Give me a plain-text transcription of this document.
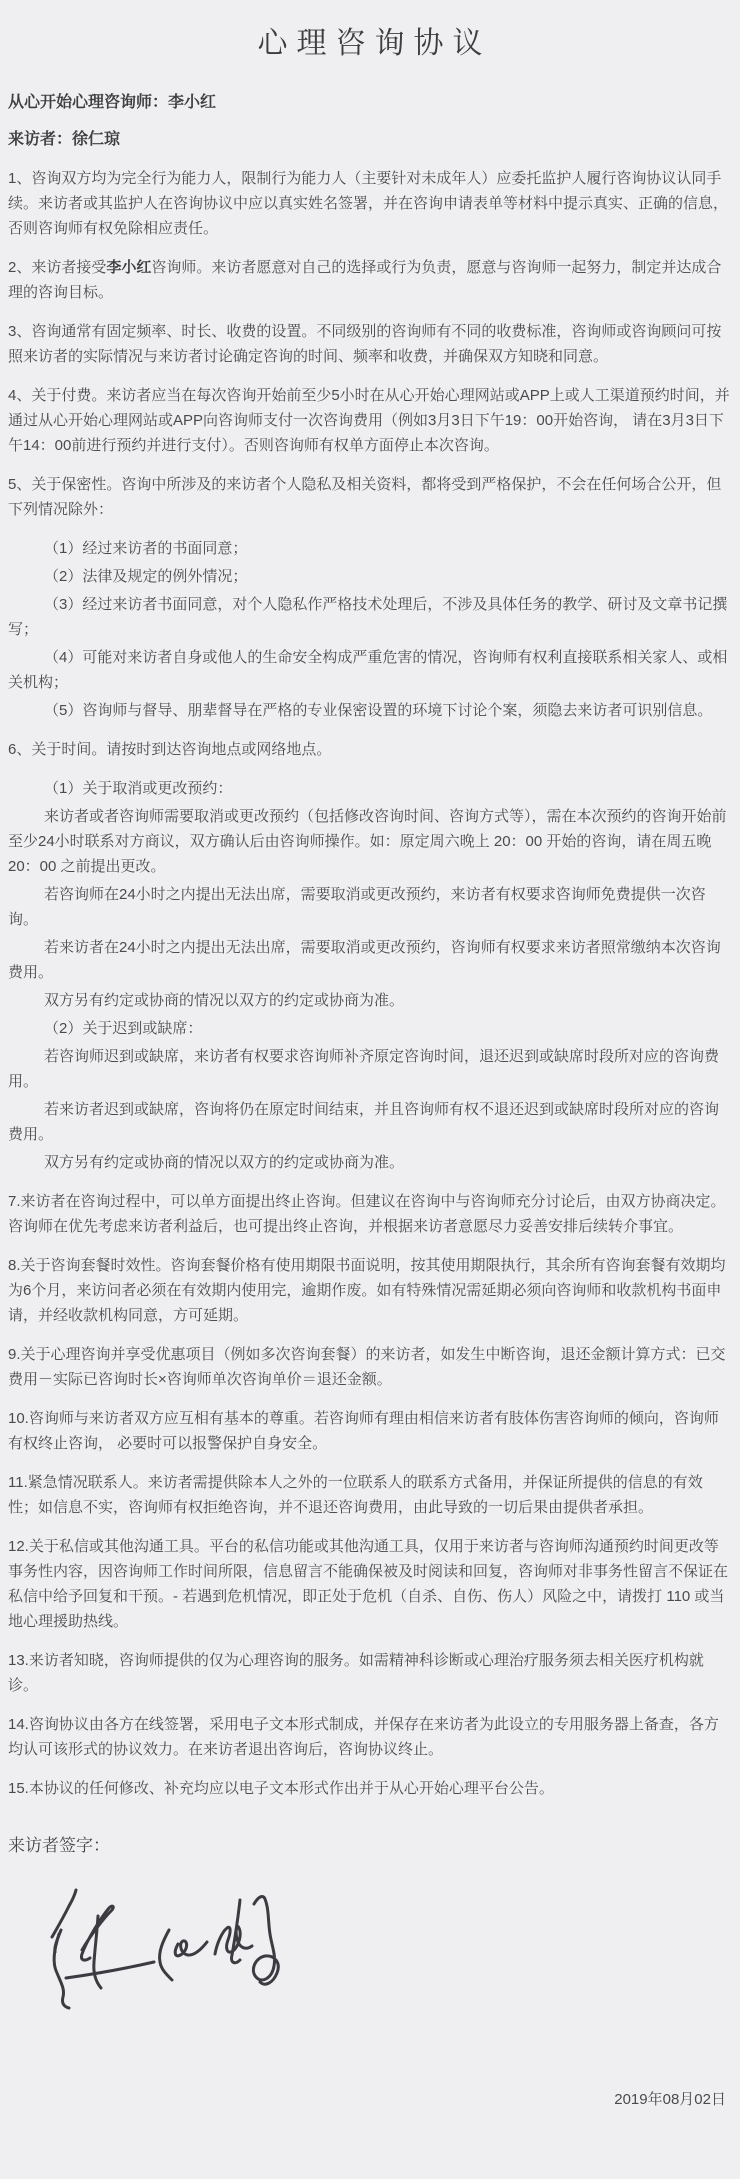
心理咨询协议

从心开始心理咨询师：李小红

来访者：徐仁琼

1、咨询双方均为完全行为能力人，限制行为能力人（主要针对未成年人）应委托监护人履行咨询协议认同手续。来访者或其监护人在咨询协议中应以真实姓名签署，并在咨询申请表单等材料中提示真实、正确的信息，否则咨询师有权免除相应责任。

2、来访者接受李小红咨询师。来访者愿意对自己的选择或行为负责，愿意与咨询师一起努力，制定并达成合理的咨询目标。

3、咨询通常有固定频率、时长、收费的设置。不同级别的咨询师有不同的收费标准，咨询师或咨询顾问可按照来访者的实际情况与来访者讨论确定咨询的时间、频率和收费，并确保双方知晓和同意。

4、关于付费。来访者应当在每次咨询开始前至少5小时在从心开始心理网站或APP上或人工渠道预约时间，并通过从心开始心理网站或APP向咨询师支付一次咨询费用（例如3月3日下午19：00开始咨询， 请在3月3日下午14：00前进行预约并进行支付）。否则咨询师有权单方面停止本次咨询。

5、关于保密性。咨询中所涉及的来访者个人隐私及相关资料，都将受到严格保护，不会在任何场合公开，但下列情况除外：

（1）经过来访者的书面同意；

（2）法律及规定的例外情况；

（3）经过来访者书面同意，对个人隐私作严格技术处理后，不涉及具体任务的教学、研讨及文章书记撰写；

（4）可能对来访者自身或他人的生命安全构成严重危害的情况，咨询师有权利直接联系相关家人、或相关机构；

（5）咨询师与督导、朋辈督导在严格的专业保密设置的环境下讨论个案，须隐去来访者可识别信息。

6、关于时间。请按时到达咨询地点或网络地点。

（1）关于取消或更改预约：

来访者或者咨询师需要取消或更改预约（包括修改咨询时间、咨询方式等），需在本次预约的咨询开始前至少24小时联系对方商议，双方确认后由咨询师操作。如：原定周六晚上 20：00 开始的咨询，请在周五晚 20：00 之前提出更改。

若咨询师在24小时之内提出无法出席，需要取消或更改预约，来访者有权要求咨询师免费提供一次咨询。

若来访者在24小时之内提出无法出席，需要取消或更改预约，咨询师有权要求来访者照常缴纳本次咨询费用。

双方另有约定或协商的情况以双方的约定或协商为准。

（2）关于迟到或缺席：

若咨询师迟到或缺席，来访者有权要求咨询师补齐原定咨询时间，退还迟到或缺席时段所对应的咨询费用。

若来访者迟到或缺席，咨询将仍在原定时间结束，并且咨询师有权不退还迟到或缺席时段所对应的咨询费用。

双方另有约定或协商的情况以双方的约定或协商为准。

7.来访者在咨询过程中，可以单方面提出终止咨询。但建议在咨询中与咨询师充分讨论后，由双方协商决定。咨询师在优先考虑来访者利益后，也可提出终止咨询，并根据来访者意愿尽力妥善安排后续转介事宜。

8.关于咨询套餐时效性。咨询套餐价格有使用期限书面说明，按其使用期限执行，其余所有咨询套餐有效期均为6个月，来访问者必须在有效期内使用完，逾期作废。如有特殊情况需延期必须向咨询师和收款机构书面申请，并经收款机构同意，方可延期。

9.关于心理咨询并享受优惠项目（例如多次咨询套餐）的来访者，如发生中断咨询，退还金额计算方式：已交费用－实际已咨询时长×咨询师单次咨询单价＝退还金额。

10.咨询师与来访者双方应互相有基本的尊重。若咨询师有理由相信来访者有肢体伤害咨询师的倾向，咨询师有权终止咨询， 必要时可以报警保护自身安全。

11.紧急情况联系人。来访者需提供除本人之外的一位联系人的联系方式备用，并保证所提供的信息的有效性；如信息不实，咨询师有权拒绝咨询，并不退还咨询费用，由此导致的一切后果由提供者承担。

12.关于私信或其他沟通工具。平台的私信功能或其他沟通工具，仅用于来访者与咨询师沟通预约时间更改等事务性内容，因咨询师工作时间所限，信息留言不能确保被及时阅读和回复，咨询师对非事务性留言不保证在私信中给予回复和干预。- 若遇到危机情况，即正处于危机（自杀、自伤、伤人）风险之中，请拨打 110 或当地心理援助热线。

13.来访者知晓，咨询师提供的仅为心理咨询的服务。如需精神科诊断或心理治疗服务须去相关医疗机构就诊。

14.咨询协议由各方在线签署，采用电子文本形式制成，并保存在来访者为此设立的专用服务器上备查，各方均认可该形式的协议效力。在来访者退出咨询后，咨询协议终止。

15.本协议的任何修改、补充均应以电子文本形式作出并于从心开始心理平台公告。

来访者签字：

2019年08月02日
